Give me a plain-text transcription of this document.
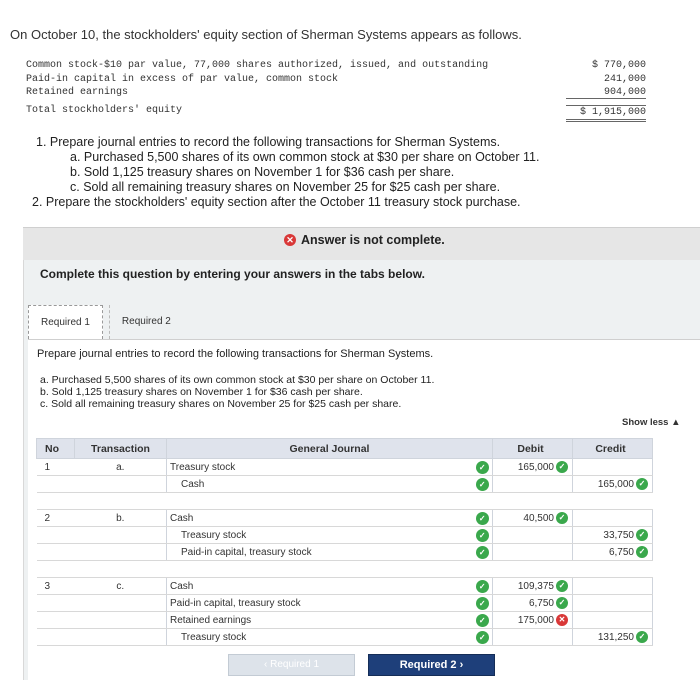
On October 10, the stockholders' equity section of Sherman Systems appears as follows.
Common stock-$10 par value, 77,000 shares authorized, issued, and outstanding	$ 770,000
Paid-in capital in excess of par value, common stock	241,000
Retained earnings	904,000
Total stockholders' equity	$ 1,915,000
1. Prepare journal entries to record the following transactions for Sherman Systems.
a. Purchased 5,500 shares of its own common stock at $30 per share on October 11.
b. Sold 1,125 treasury shares on November 1 for $36 cash per share.
c. Sold all remaining treasury shares on November 25 for $25 cash per share.
2. Prepare the stockholders' equity section after the October 11 treasury stock purchase.
✕ Answer is not complete.
Complete this question by entering your answers in the tabs below.
Required 1	Required 2
Prepare journal entries to record the following transactions for Sherman Systems.
a. Purchased 5,500 shares of its own common stock at $30 per share on October 11.
b. Sold 1,125 treasury shares on November 1 for $36 cash per share.
c. Sold all remaining treasury shares on November 25 for $25 cash per share.
Show less ▲
No	Transaction	General Journal		Debit	Credit
1	a.	Treasury stock	✓	165,000 ✓	
		Cash	✓		165,000 ✓

2	b.	Cash	✓	40,500 ✓	
		Treasury stock	✓		33,750 ✓
		Paid-in capital, treasury stock	✓		6,750 ✓

3	c.	Cash	✓	109,375 ✓	
		Paid-in capital, treasury stock	✓	6,750 ✓	
		Retained earnings	✓	175,000 ✕	
		Treasury stock	✓		131,250 ✓
‹ Required 1	Required 2 ›
